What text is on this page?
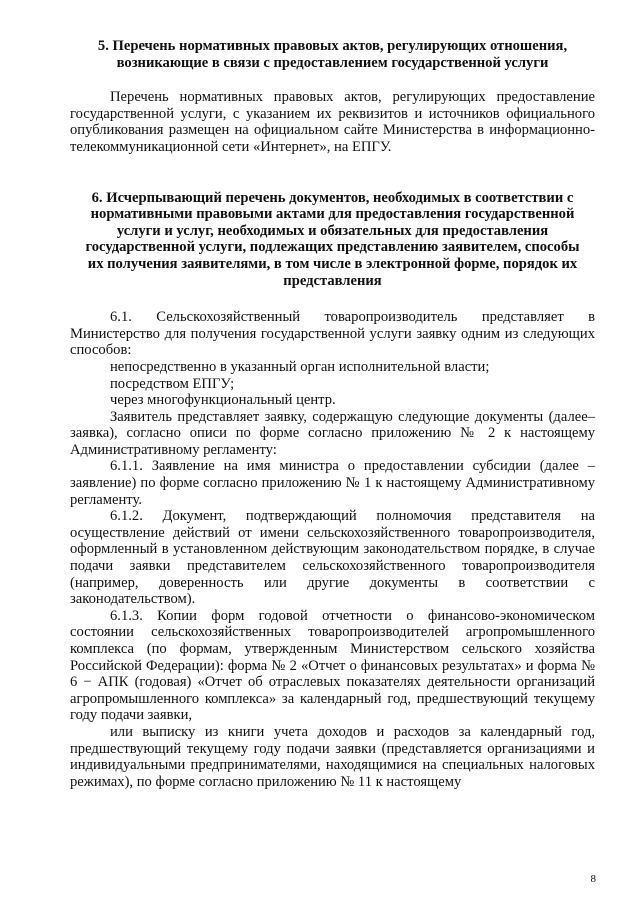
5. Перечень нормативных правовых актов, регулирующих отношения, возникающие в связи с предоставлением государственной услуги

Перечень нормативных правовых актов, регулирующих предоставление государственной услуги, с указанием их реквизитов и источников официального опубликования размещен на официальном сайте Министерства в информационно-телекоммуникационной сети «Интернет», на ЕПГУ.

6. Исчерпывающий перечень документов, необходимых в соответствии с нормативными правовыми актами для предоставления государственной услуги и услуг, необходимых и обязательных для предоставления государственной услуги, подлежащих представлению заявителем, способы их получения заявителями, в том числе в электронной форме, порядок их представления

6.1. Сельскохозяйственный товаропроизводитель представляет в Министерство для получения государственной услуги заявку одним из следующих способов:

непосредственно в указанный орган исполнительной власти;

посредством ЕПГУ;

через многофункциональный центр.

Заявитель представляет заявку, содержащую следующие документы (далее– заявка), согласно описи по форме согласно приложению № 2 к настоящему Административному регламенту:

6.1.1. Заявление на имя министра о предоставлении субсидии (далее – заявление) по форме согласно приложению № 1 к настоящему Административному регламенту.

6.1.2. Документ, подтверждающий полномочия представителя на осуществление действий от имени сельскохозяйственного товаропроизводителя, оформленный в установленном действующим законодательством порядке, в случае подачи заявки представителем сельскохозяйственного товаропроизводителя (например, доверенность или другие документы в соответствии с законодательством).

6.1.3. Копии форм годовой отчетности о финансово-экономическом состоянии сельскохозяйственных товаропроизводителей агропромышленного комплекса (по формам, утвержденным Министерством сельского хозяйства Российской Федерации): форма № 2 «Отчет о финансовых результатах» и форма № 6 − АПК (годовая) «Отчет об отраслевых показателях деятельности организаций агропромышленного комплекса» за календарный год, предшествующий текущему году подачи заявки,

или выписку из книги учета доходов и расходов за календарный год, предшествующий текущему году подачи заявки (представляется организациями и индивидуальными предпринимателями, находящимися на специальных налоговых режимах), по форме согласно приложению № 11 к настоящему

8
